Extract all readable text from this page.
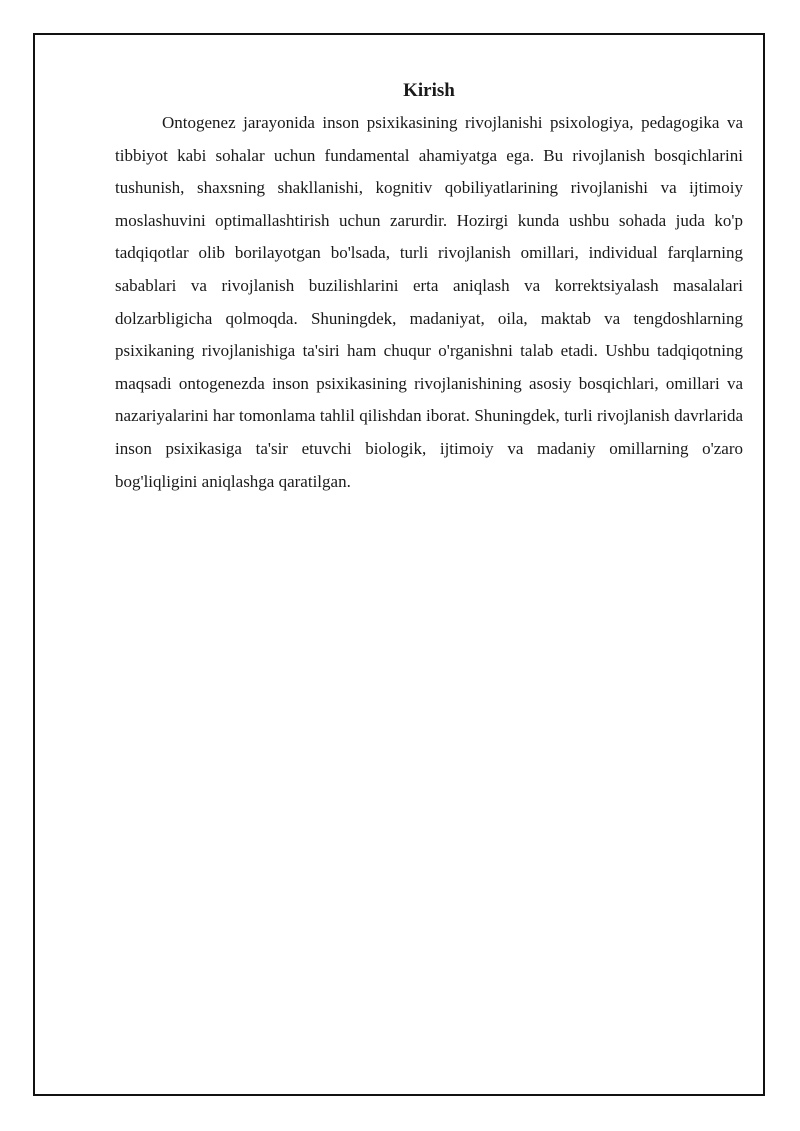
Kirish

Ontogenez jarayonida inson psixikasining rivojlanishi psixologiya, pedagogika va tibbiyot kabi sohalar uchun fundamental ahamiyatga ega. Bu rivojlanish bosqichlarini tushunish, shaxsning shakllanishi, kognitiv qobiliyatlarining rivojlanishi va ijtimoiy moslashuvini optimallashtirish uchun zarurdir. Hozirgi kunda ushbu sohada juda ko'p tadqiqotlar olib borilayotgan bo'lsada, turli rivojlanish omillari, individual farqlarning sabablari va rivojlanish buzilishlarini erta aniqlash va korrektsiyalash masalalari dolzarbligicha qolmoqda. Shuningdek, madaniyat, oila, maktab va tengdoshlarning psixikaning rivojlanishiga ta'siri ham chuqur o'rganishni talab etadi. Ushbu tadqiqotning maqsadi ontogenezda inson psixikasining rivojlanishining asosiy bosqichlari, omillari va nazariyalarini har tomonlama tahlil qilishdan iborat. Shuningdek, turli rivojlanish davrlarida inson psixikasiga ta'sir etuvchi biologik, ijtimoiy va madaniy omillarning o'zaro bog'liqligini aniqlashga qaratilgan.
